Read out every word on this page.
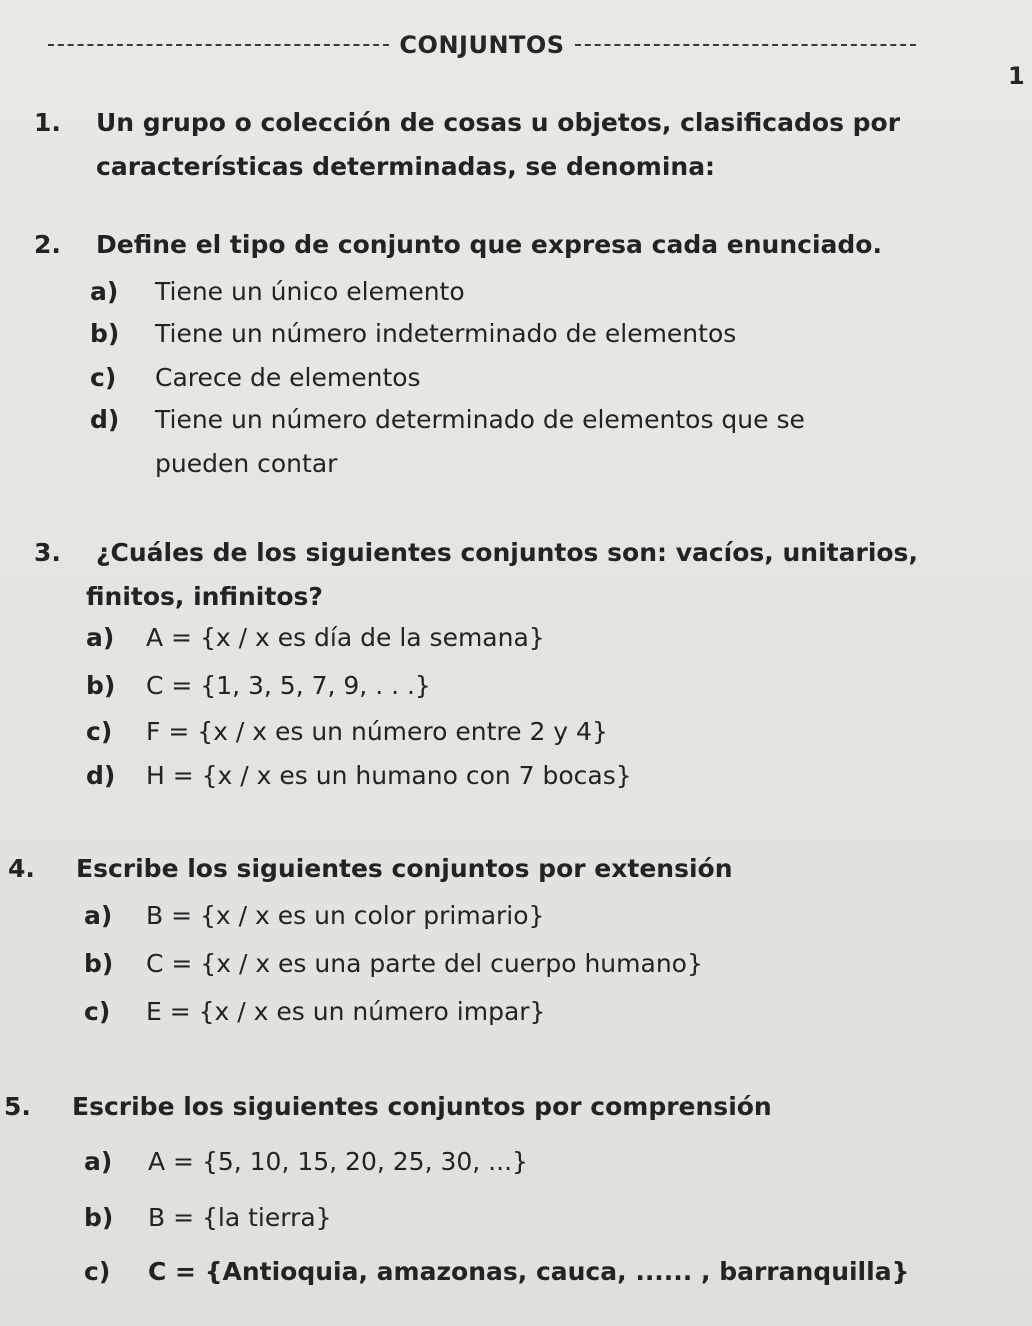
CONJUNTOS
1
1.	Un grupo o colección de cosas u objetos, clasificados por
características determinadas, se denomina:
2.	Define el tipo de conjunto que expresa cada enunciado.
a) Tiene un único elemento
b) Tiene un número indeterminado de elementos
c) Carece de elementos
d) Tiene un número determinado de elementos que se
pueden contar
3.	¿Cuáles de los siguientes conjuntos son: vacíos, unitarios,
finitos, infinitos?
a) A = {x / x es día de la semana}
b) C = {1, 3, 5, 7, 9, . . .}
c) F = {x / x es un número entre 2 y 4}
d) H = {x / x es un humano con 7 bocas}
4.	Escribe los siguientes conjuntos por extensión
a) B = {x / x es un color primario}
b) C = {x / x es una parte del cuerpo humano}
c) E = {x / x es un número impar}
5.	Escribe los siguientes conjuntos por comprensión
a) A = {5, 10, 15, 20, 25, 30, ...}
b) B = {la tierra}
c) C = {Antioquia, amazonas, cauca, ...... , barranquilla}
